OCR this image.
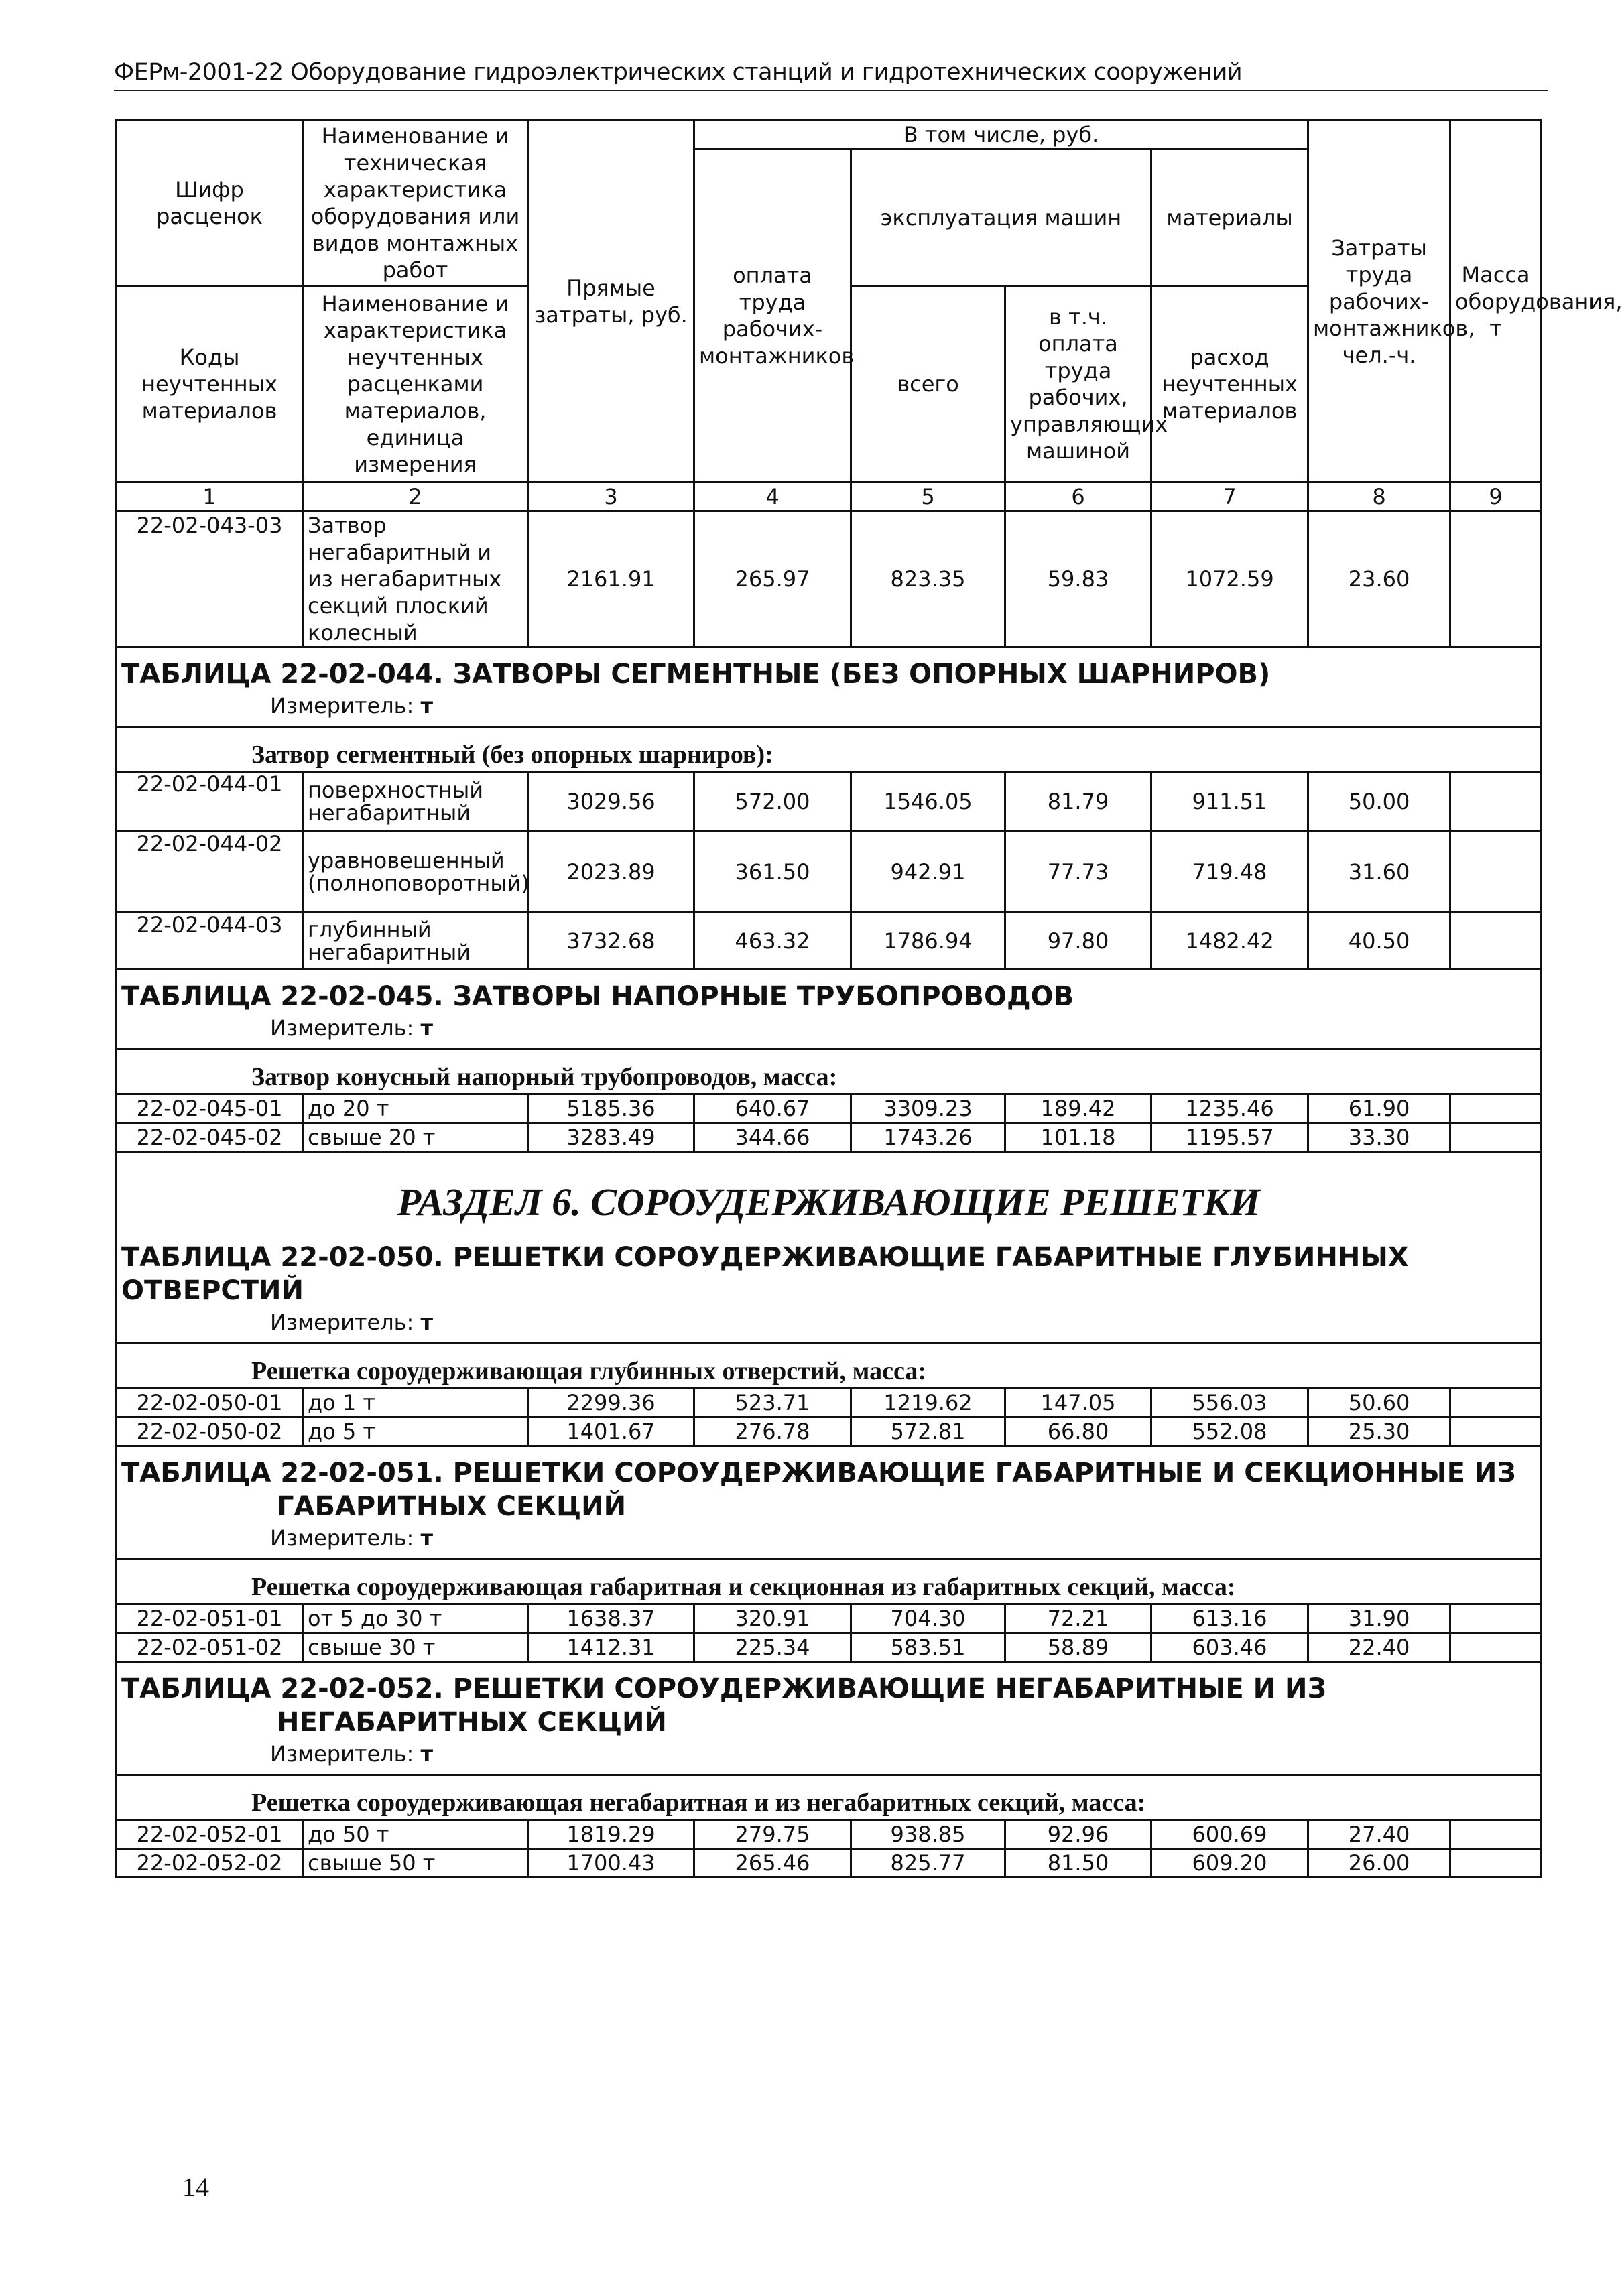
ФЕРм-2001-22 Оборудование гидроэлектрических станций и гидротехнических сооружений
Шифр расценок	Наименование и техническая характеристика оборудования или видов монтажных работ	Прямые затраты, руб.	В том числе, руб.				Затраты труда рабочих-монтажников, чел.-ч.	Масса оборудования, т
			оплата труда рабочих-монтажников	эксплуатация машин		материалы		
Коды неучтенных материалов	Наименование и характеристика неучтенных расценками материалов, единица измерения			всего	в т.ч. оплата труда рабочих, управляющих машиной	расход неучтенных материалов		

1	2	3	4	5	6	7	8	9
22-02-043-03	Затвор негабаритный и из негабаритных секций плоский колесный	2161.91	265.97	823.35	59.83	1072.59	23.60	
ТАБЛИЦА 22-02-044. ЗАТВОРЫ СЕГМЕНТНЫЕ (БЕЗ ОПОРНЫХ ШАРНИРОВ)								
Измеритель: т								
Затвор сегментный (без опорных шарниров):								
22-02-044-01	поверхностный негабаритный	3029.56	572.00	1546.05	81.79	911.51	50.00	
22-02-044-02	уравновешенный (полноповоротный)	2023.89	361.50	942.91	77.73	719.48	31.60	
22-02-044-03	глубинный негабаритный	3732.68	463.32	1786.94	97.80	1482.42	40.50	
ТАБЛИЦА 22-02-045. ЗАТВОРЫ НАПОРНЫЕ ТРУБОПРОВОДОВ								
Измеритель: т								
Затвор конусный напорный трубопроводов, масса:								
22-02-045-01	до 20 т	5185.36	640.67	3309.23	189.42	1235.46	61.90	
22-02-045-02	свыше 20 т	3283.49	344.66	1743.26	101.18	1195.57	33.30	
РАЗДЕЛ 6. СОРОУДЕРЖИВАЮЩИЕ РЕШЕТКИ								
ТАБЛИЦА 22-02-050. РЕШЕТКИ СОРОУДЕРЖИВАЮЩИЕ ГАБАРИТНЫЕ ГЛУБИННЫХ ОТВЕРСТИЙ								
Измеритель: т								
Решетка сороудерживающая глубинных отверстий, масса:								
22-02-050-01	до 1 т	2299.36	523.71	1219.62	147.05	556.03	50.60	
22-02-050-02	до 5 т	1401.67	276.78	572.81	66.80	552.08	25.30	

ТАБЛИЦА 22-02-051. РЕШЕТКИ СОРОУДЕРЖИВАЮЩИЕ ГАБАРИТНЫЕ И СЕКЦИОННЫЕ ИЗ ГАБАРИТНЫХ СЕКЦИЙ								

Измеритель: т								
Решетка сороудерживающая габаритная и секционная из габаритных секций, масса:								
22-02-051-01	от 5 до 30 т	1638.37	320.91	704.30	72.21	613.16	31.90	
22-02-051-02	свыше 30 т	1412.31	225.34	583.51	58.89	603.46	22.40	

ТАБЛИЦА 22-02-052. РЕШЕТКИ СОРОУДЕРЖИВАЮЩИЕ НЕГАБАРИТНЫЕ И ИЗ НЕГАБАРИТНЫХ СЕКЦИЙ								

Измеритель: т								
Решетка сороудерживающая негабаритная и из негабаритных секций, масса:								
22-02-052-01	до 50 т	1819.29	279.75	938.85	92.96	600.69	27.40	
22-02-052-02	свыше 50 т	1700.43	265.46	825.77	81.50	609.20	26.00	
14
